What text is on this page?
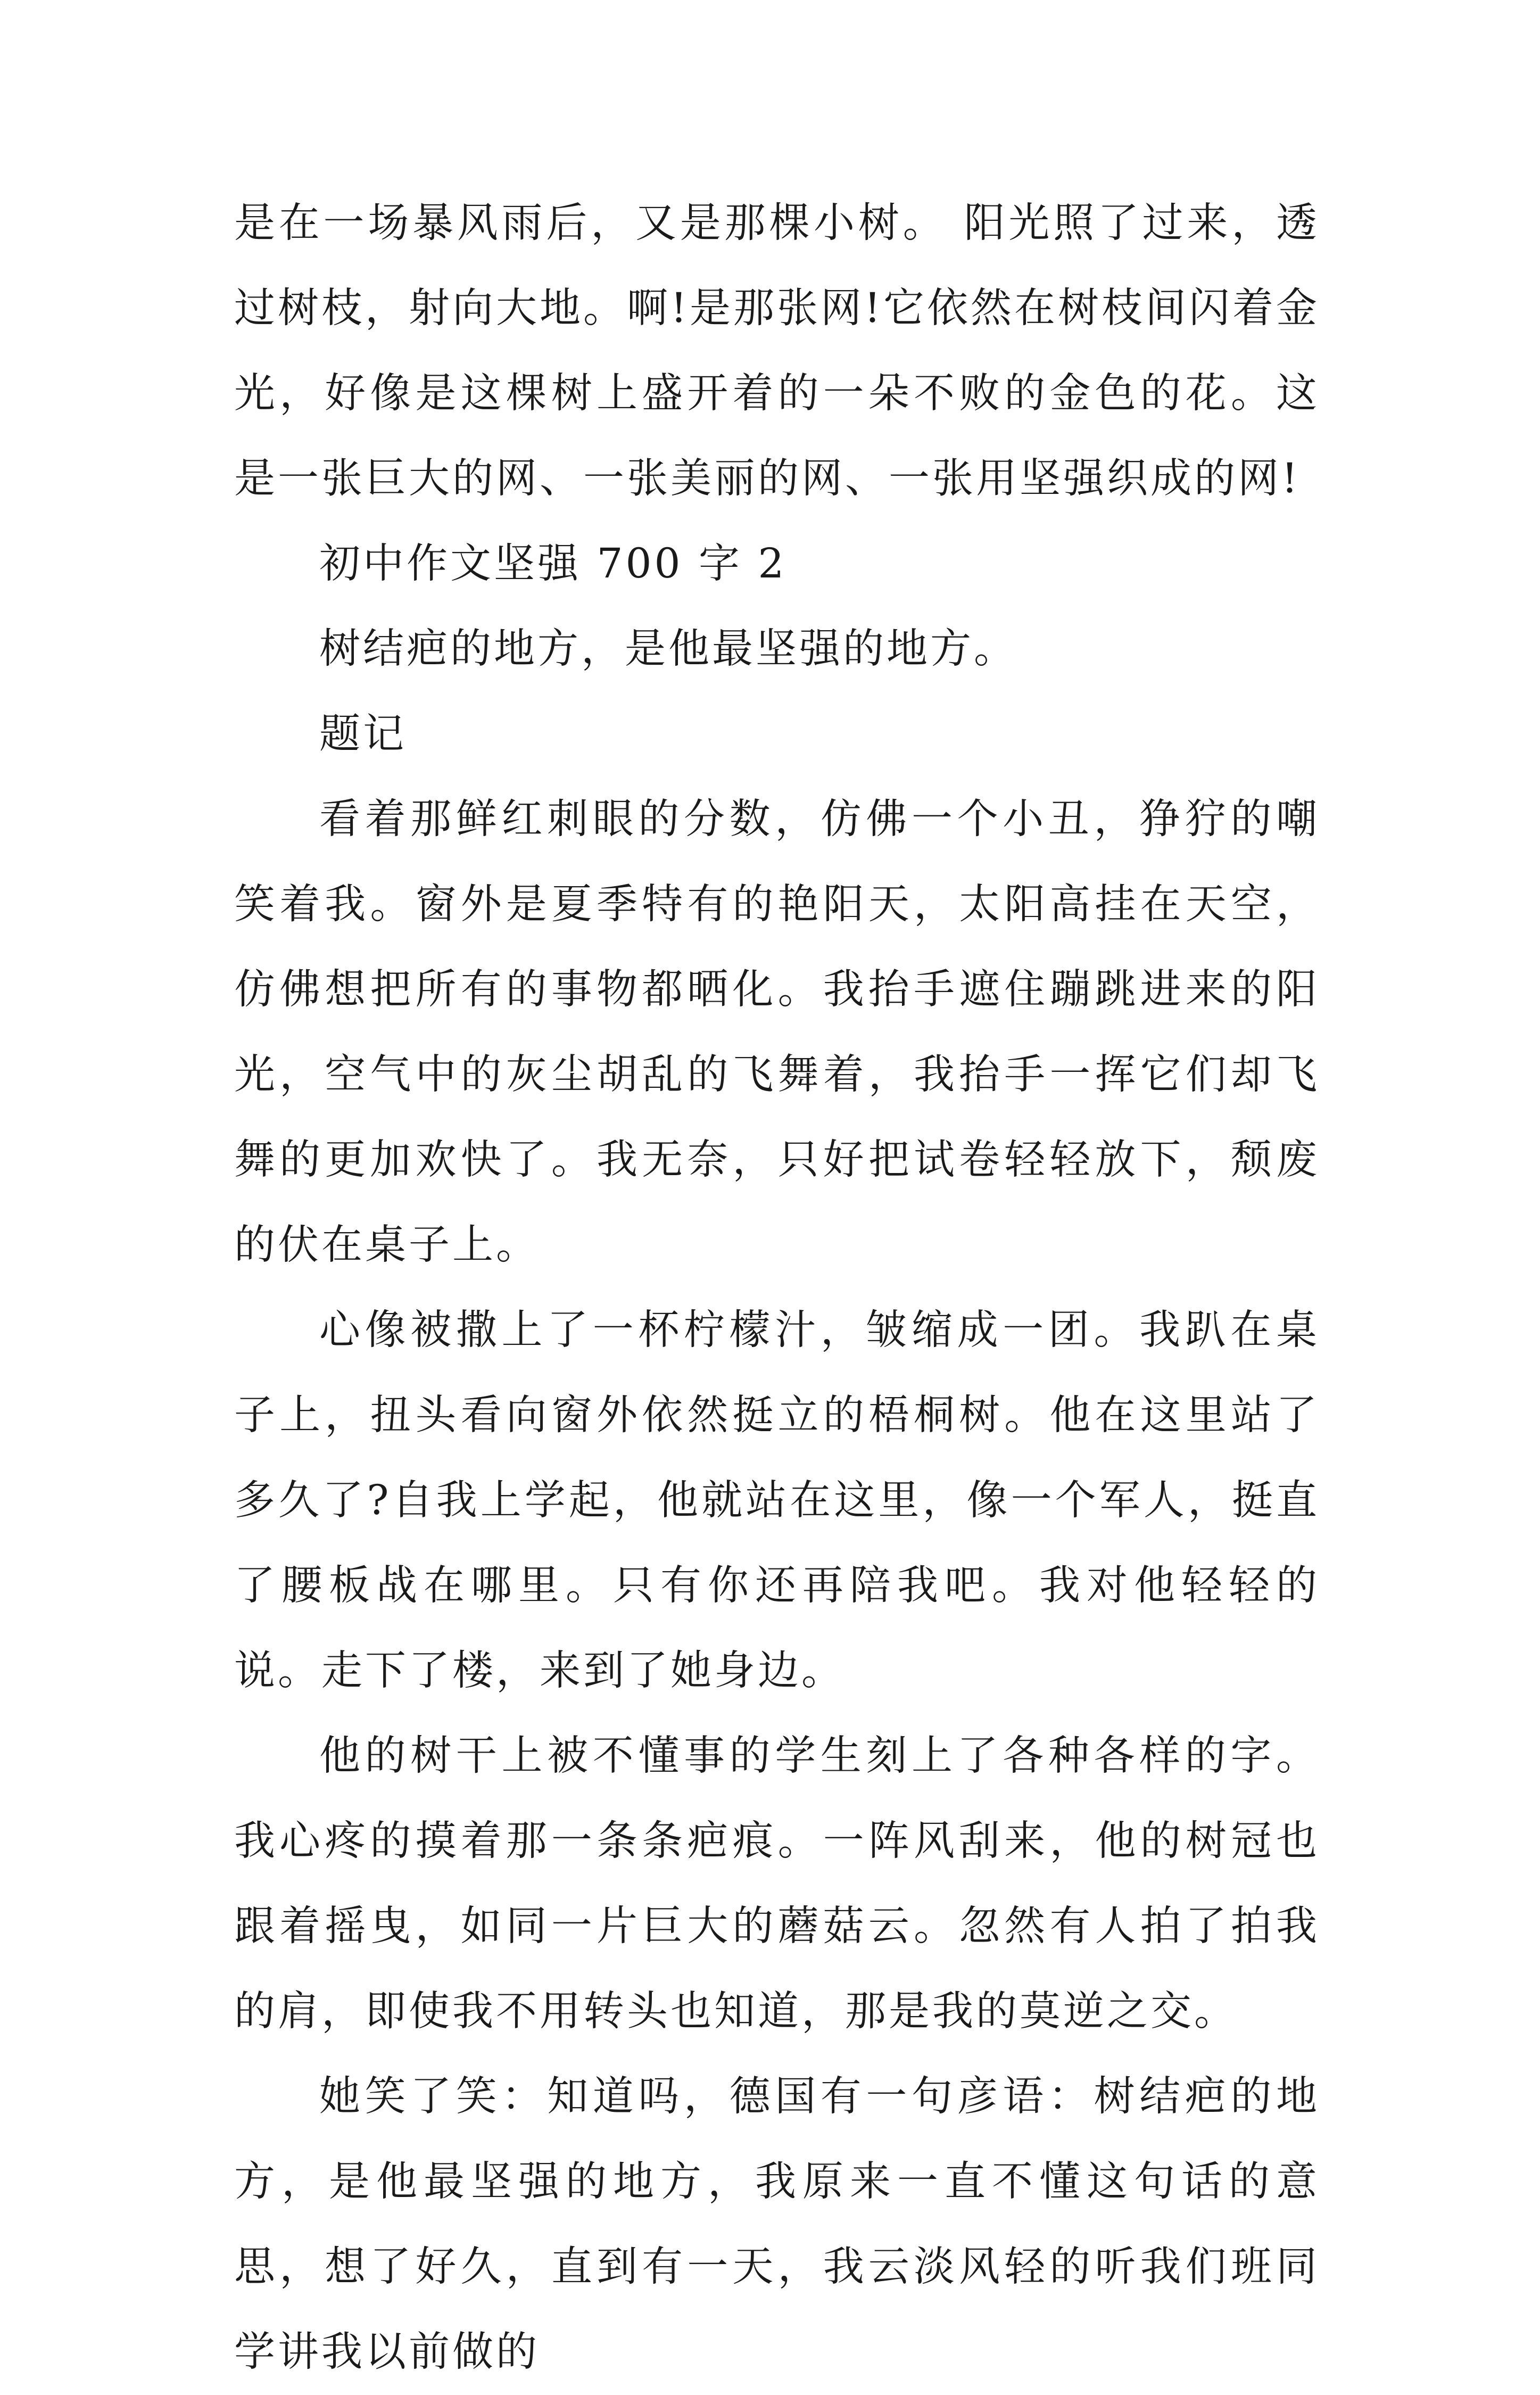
是在一场暴风雨后，又是那棵小树。 阳光照了过来，透过树枝，射向大地。啊!是那张网!它依然在树枝间闪着金光，好像是这棵树上盛开着的一朵不败的金色的花。这是一张巨大的网、一张美丽的网、一张用坚强织成的网!

初中作文坚强 700 字 2

树结疤的地方，是他最坚强的地方。

题记

看着那鲜红刺眼的分数，仿佛一个小丑，狰狞的嘲笑着我。窗外是夏季特有的艳阳天，太阳高挂在天空，仿佛想把所有的事物都晒化。我抬手遮住蹦跳进来的阳光，空气中的灰尘胡乱的飞舞着，我抬手一挥它们却飞舞的更加欢快了。我无奈，只好把试卷轻轻放下，颓废的伏在桌子上。

心像被撒上了一杯柠檬汁，皱缩成一团。我趴在桌子上，扭头看向窗外依然挺立的梧桐树。他在这里站了多久了?自我上学起，他就站在这里，像一个军人，挺直了腰板战在哪里。只有你还再陪我吧。我对他轻轻的说。走下了楼，来到了她身边。

他的树干上被不懂事的学生刻上了各种各样的字。我心疼的摸着那一条条疤痕。一阵风刮来，他的树冠也跟着摇曳，如同一片巨大的蘑菇云。忽然有人拍了拍我的肩，即使我不用转头也知道，那是我的莫逆之交。

她笑了笑：知道吗，德国有一句彦语：树结疤的地方，是他最坚强的地方，我原来一直不懂这句话的意思，想了好久，直到有一天，我云淡风轻的听我们班同学讲我以前做的
